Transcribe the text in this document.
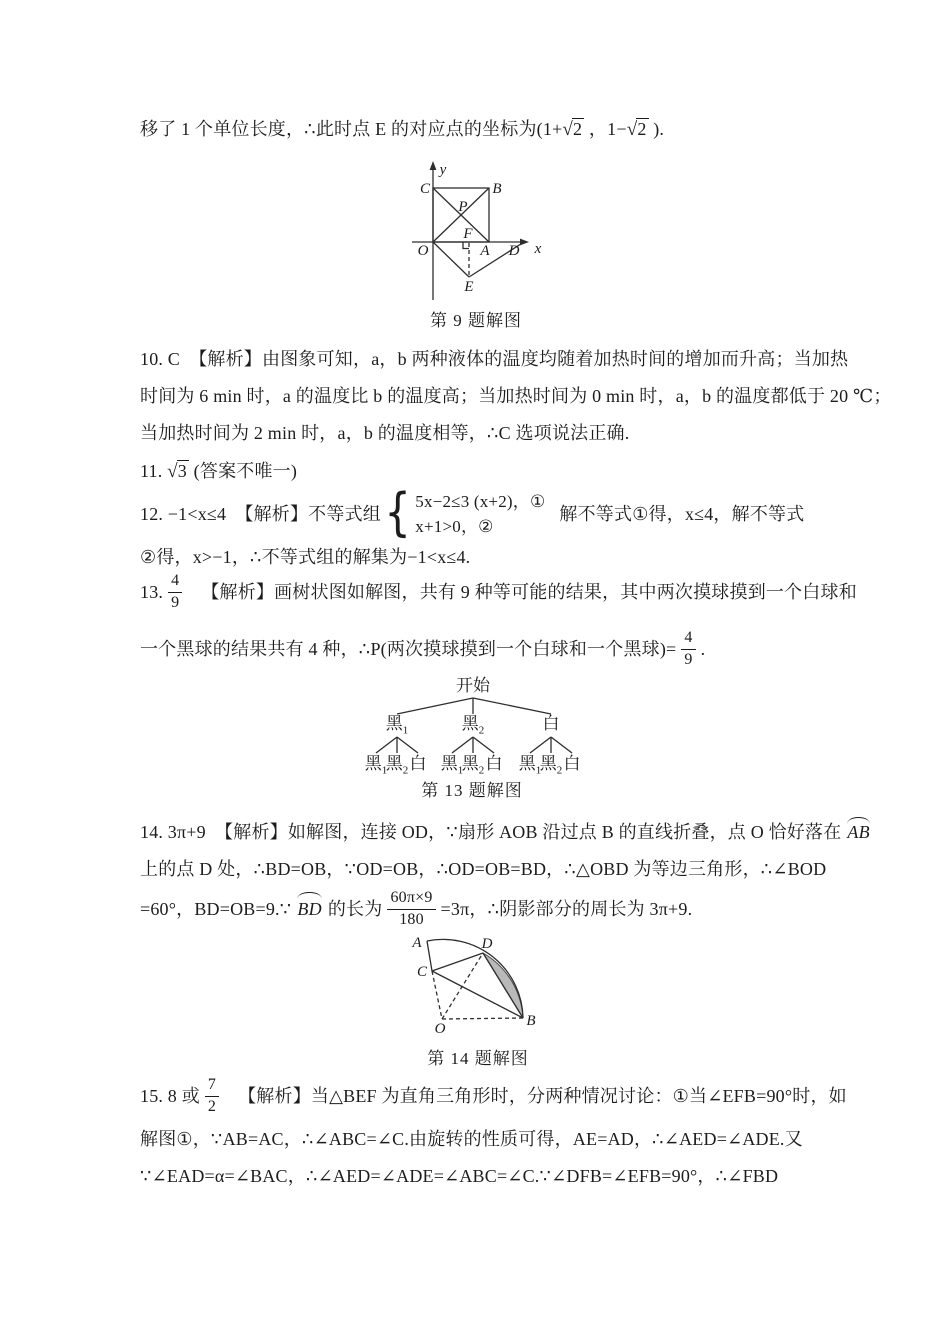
移了 1 个单位长度，∴此时点 E 的对应点的坐标为(1+√2 ，1−√2 ).
y
x
O	A
B
C
D
E
F
P
第 9 题解图
10. C　【解析】由图象可知，a，b 两种液体的温度均随着加热时间的增加而升高；当加热
时间为 6 min 时，a 的温度比 b 的温度高；当加热时间为 0 min 时，a，b 的温度都低于 20 ℃；
当加热时间为 2 min 时，a，b 的温度相等，∴C 选项说法正确.
11. √3 (答案不唯一)
12. −1<x≤4　【解析】不等式组 { 5x−2≤3 (x+2)，①
x+1>0，②
解不等式①得，x≤4，解不等式
②得，x>−1，∴不等式组的解集为−1<x≤4.
13. $\frac{4}{9}$ 【解析】画树状图如解图，共有 9 种等可能的结果，其中两次摸球摸到一个白球和
一个黑球的结果共有 4 种，∴P(两次摸球摸到一个白球和一个黑球)= $\frac{4}{9}$ .
开始
黑$_1$	黑$_2$	白
黑$_1$
黑$_2$ 白 黑$_1$
黑$_2$ 白 黑$_1$
黑$_2$ 白
第 13 题解图
14. 3π+9　【解析】如解图，连接 OD，∵扇形 AOB 沿过点 B 的直线折叠，点 O 恰好落在 AB
上的点 D 处，∴BD=OB，∵OD=OB，∴OD=OB=BD，∴△OBD 为等边三角形，∴∠BOD
=60°，BD=OB=9.∵ BD 的长为 $\frac{60\pi\times 9}{180} =3\pi$，∴阴影部分的周长为 3π+9.
A	D
C
O	B
第 14 题解图
15. 8 或 $\frac{7}{2}$ 【解析】当△BEF 为直角三角形时，分两种情况讨论：①当∠EFB=90°时，如
解图①，∵AB=AC，∴∠ABC=∠C.由旋转的性质可得，AE=AD，∴∠AED=∠ADE.又
∵∠EAD=α=∠BAC，∴∠AED=∠ADE=∠ABC=∠C.∵∠DFB=∠EFB=90°，∴∠FBD
